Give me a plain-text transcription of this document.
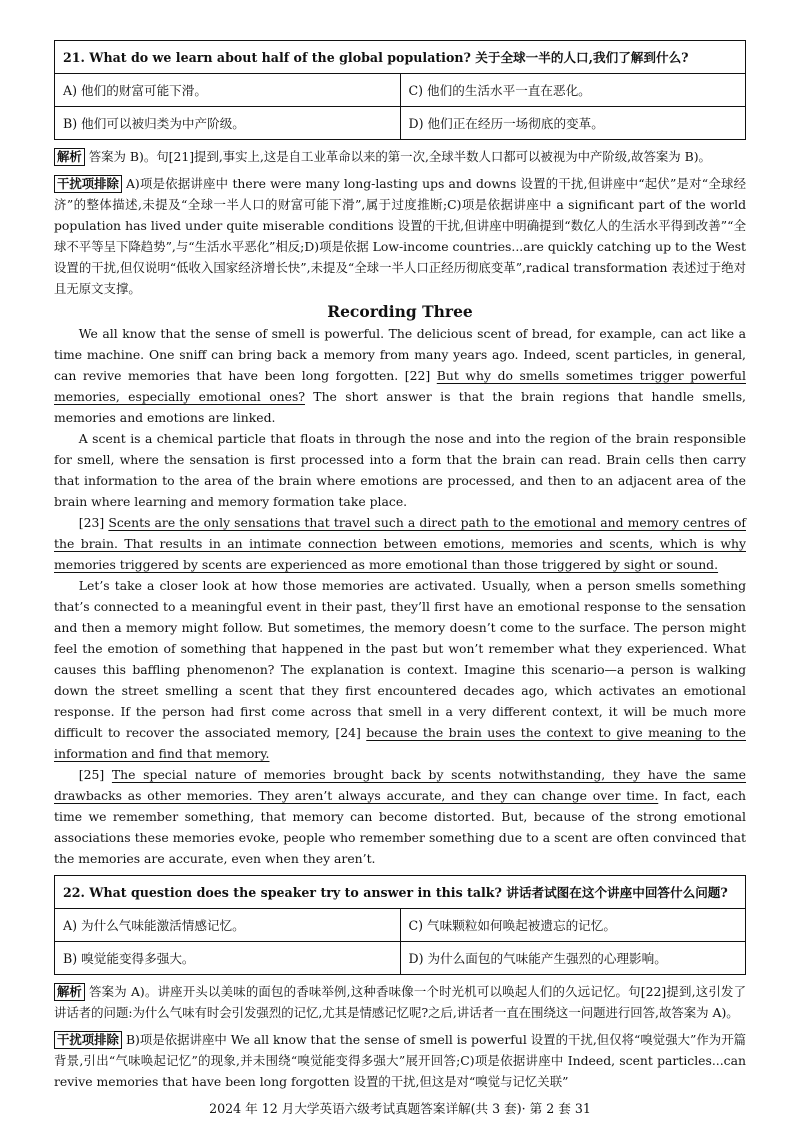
21. What do we learn about half of the global population? 关于全球一半的人口,我们了解到什么?	
A) 他们的财富可能下滑。	C) 他们的生活水平一直在恶化。
B) 他们可以被归类为中产阶级。	D) 他们正在经历一场彻底的变革。

解析 答案为 B)。句[21]提到,事实上,这是自工业革命以来的第一次,全球半数人口都可以被视为中产阶级,故答案为 B)。

干扰项排除 A)项是依据讲座中 there were many long-lasting ups and downs 设置的干扰,但讲座中“起伏”是对“全球经济”的整体描述,未提及“全球一半人口的财富可能下滑”,属于过度推断;C)项是依据讲座中 a significant part of the world population has lived under quite miserable conditions 设置的干扰,但讲座中明确提到“数亿人的生活水平得到改善”“全球不平等呈下降趋势”,与“生活水平恶化”相反;D)项是依据 Low-income countries...are quickly catching up to the West 设置的干扰,但仅说明“低收入国家经济增长快”,未提及“全球一半人口正经历彻底变革”,radical transformation 表述过于绝对且无原文支撑。

Recording Three

We all know that the sense of smell is powerful. The delicious scent of bread, for example, can act like a time machine. One sniff can bring back a memory from many years ago. Indeed, scent particles, in general, can revive memories that have been long forgotten. [22] But why do smells sometimes trigger powerful memories, especially emotional ones? The short answer is that the brain regions that handle smells, memories and emotions are linked.

A scent is a chemical particle that floats in through the nose and into the region of the brain responsible for smell, where the sensation is first processed into a form that the brain can read. Brain cells then carry that information to the area of the brain where emotions are processed, and then to an adjacent area of the brain where learning and memory formation take place.

[23] Scents are the only sensations that travel such a direct path to the emotional and memory centres of the brain. That results in an intimate connection between emotions, memories and scents, which is why memories triggered by scents are experienced as more emotional than those triggered by sight or sound.

Let’s take a closer look at how those memories are activated. Usually, when a person smells something that’s connected to a meaningful event in their past, they’ll first have an emotional response to the sensation and then a memory might follow. But sometimes, the memory doesn’t come to the surface. The person might feel the emotion of something that happened in the past but won’t remember what they experienced. What causes this baffling phenomenon? The explanation is context. Imagine this scenario—a person is walking down the street smelling a scent that they first encountered decades ago, which activates an emotional response. If the person had first come across that smell in a very different context, it will be much more difficult to recover the associated memory, [24] because the brain uses the context to give meaning to the information and find that memory.

[25] The special nature of memories brought back by scents notwithstanding, they have the same drawbacks as other memories. They aren’t always accurate, and they can change over time. In fact, each time we remember something, that memory can become distorted. But, because of the strong emotional associations these memories evoke, people who remember something due to a scent are often convinced that the memories are accurate, even when they aren’t.

22. What question does the speaker try to answer in this talk? 讲话者试图在这个讲座中回答什么问题?	
A) 为什么气味能激活情感记忆。	C) 气味颗粒如何唤起被遗忘的记忆。
B) 嗅觉能变得多强大。	D) 为什么面包的气味能产生强烈的心理影响。

解析 答案为 A)。讲座开头以美味的面包的香味举例,这种香味像一个时光机可以唤起人们的久远记忆。句[22]提到,这引发了讲话者的问题:为什么气味有时会引发强烈的记忆,尤其是情感记忆呢?之后,讲话者一直在围绕这一问题进行回答,故答案为 A)。

干扰项排除 B)项是依据讲座中 We all know that the sense of smell is powerful 设置的干扰,但仅将“嗅觉强大”作为开篇背景,引出“气味唤起记忆”的现象,并未围绕“嗅觉能变得多强大”展开回答;C)项是依据讲座中 Indeed, scent particles...can revive memories that have been long forgotten 设置的干扰,但这是对“嗅觉与记忆关联”

2024 年 12 月大学英语六级考试真题答案详解(共 3 套)· 第 2 套 31
